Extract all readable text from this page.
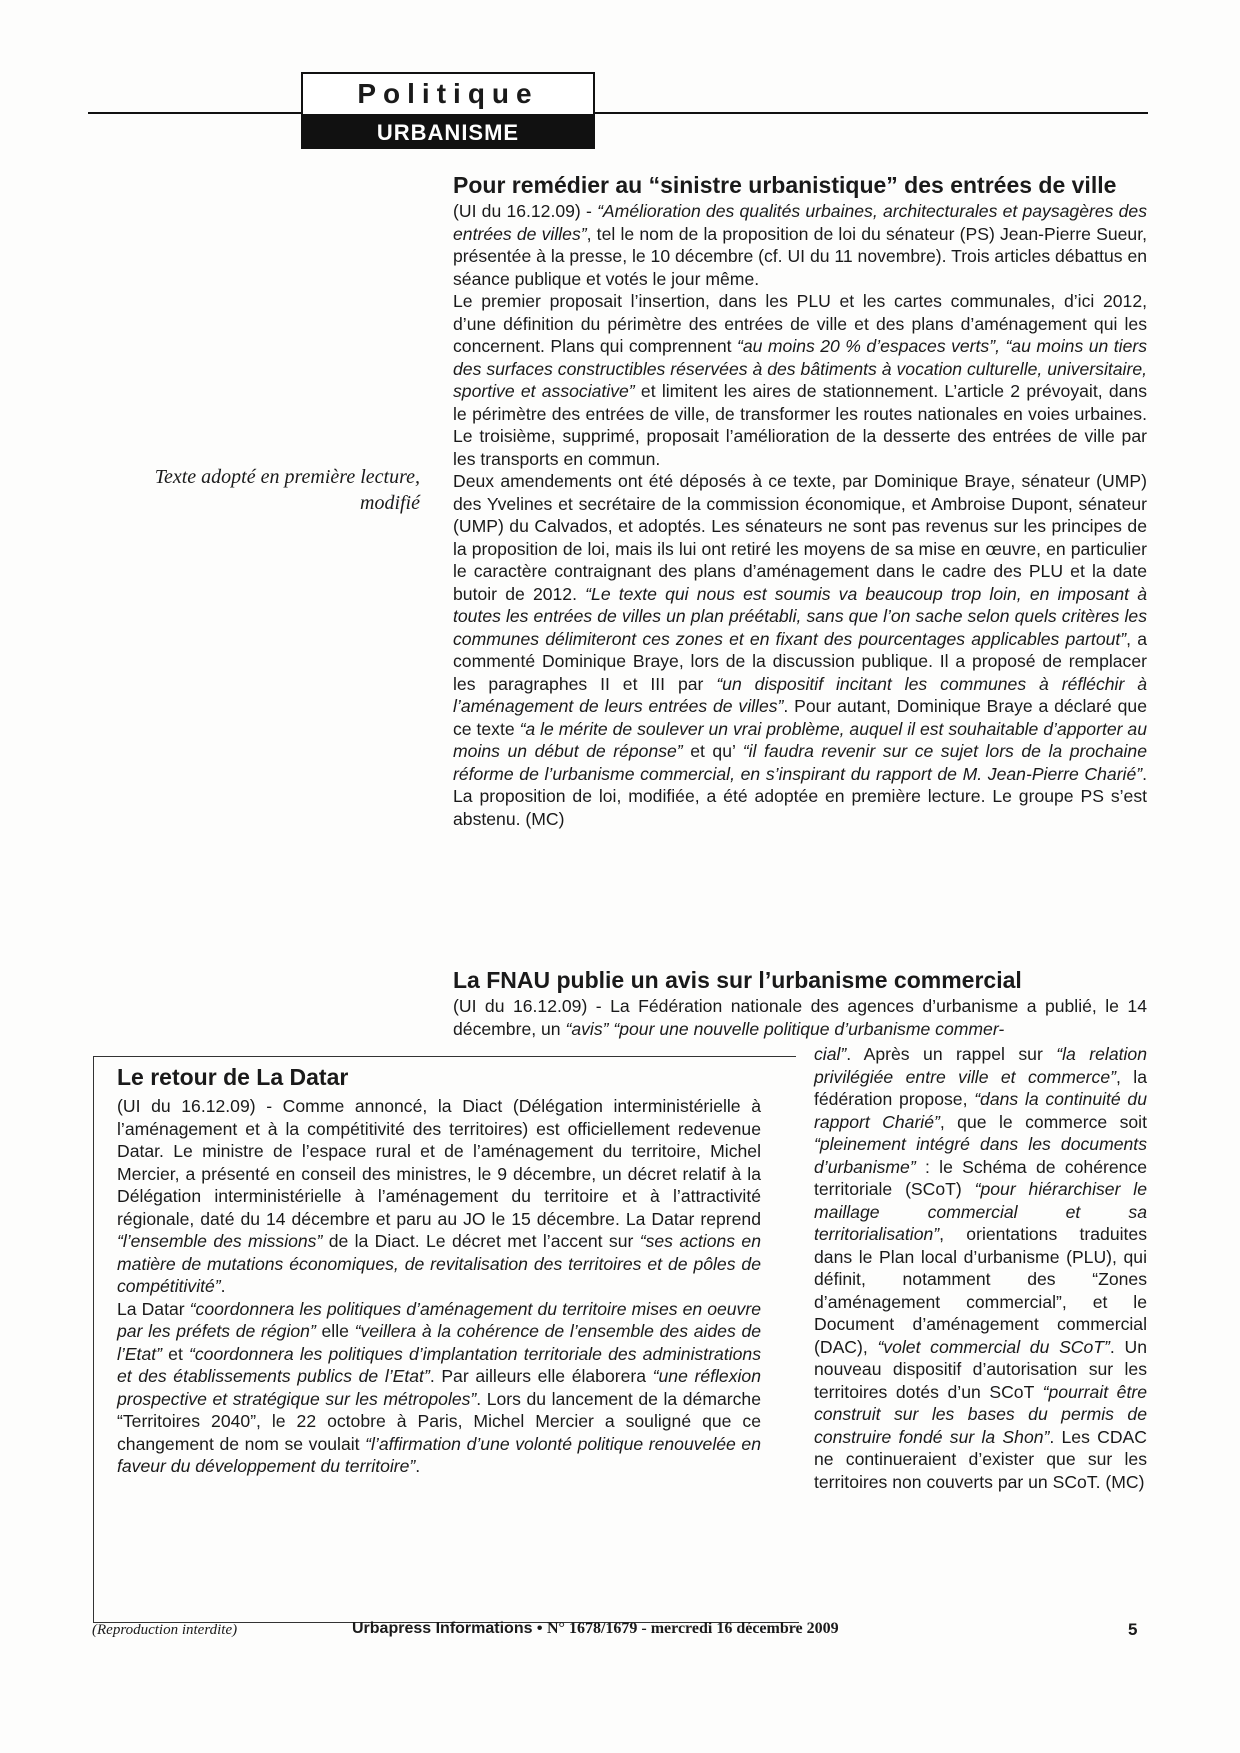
Politique
URBANISME
Pour remédier au “sinistre urbanistique” des entrées de ville

(UI du 16.12.09) - “Amélioration des qualités urbaines, architecturales et paysagères des entrées de villes”, tel le nom de la proposition de loi du sénateur (PS) Jean-Pierre Sueur, présentée à la presse, le 10 décembre (cf. UI du 11 novembre). Trois articles débattus en séance publique et votés le jour même.

Le premier proposait l’insertion, dans les PLU et les cartes communales, d’ici 2012, d’une définition du périmètre des entrées de ville et des plans d’aménagement qui les concernent. Plans qui comprennent “au moins 20 % d’espaces verts”, “au moins un tiers des surfaces constructibles réservées à des bâtiments à vocation culturelle, universitaire, sportive et associative” et limitent les aires de stationnement. L’article 2 prévoyait, dans le périmètre des entrées de ville, de transformer les routes nationales en voies urbaines. Le troisième, supprimé, proposait l’amélioration de la desserte des entrées de ville par les transports en commun.

Deux amendements ont été déposés à ce texte, par Dominique Braye, sénateur (UMP) des Yvelines et secrétaire de la commission économique, et Ambroise Dupont, sénateur (UMP) du Calvados, et adoptés. Les sénateurs ne sont pas revenus sur les principes de la proposition de loi, mais ils lui ont retiré les moyens de sa mise en œuvre, en particulier le caractère contraignant des plans d’aménagement dans le cadre des PLU et la date butoir de 2012. “Le texte qui nous est soumis va beaucoup trop loin, en imposant à toutes les entrées de villes un plan préétabli, sans que l’on sache selon quels critères les communes délimiteront ces zones et en fixant des pourcentages applicables partout”, a commenté Dominique Braye, lors de la discussion publique. Il a proposé de remplacer les paragraphes II et III par “un dispositif incitant les communes à réfléchir à l’aménagement de leurs entrées de villes”. Pour autant, Dominique Braye a déclaré que ce texte “a le mérite de soulever un vrai problème, auquel il est souhaitable d’apporter au moins un début de réponse” et qu’ “il faudra revenir sur ce sujet lors de la prochaine réforme de l’urbanisme commercial, en s’inspirant du rapport de M. Jean-Pierre Charié”. La proposition de loi, modifiée, a été adoptée en première lecture. Le groupe PS s’est abstenu. (MC)

Texte adopté en première lecture,
modifié
La FNAU publie un avis sur l’urbanisme commercial

(UI du 16.12.09) - La Fédération nationale des agences d’urbanisme a publié, le 14 décembre, un “avis” “pour une nouvelle politique d’urbanisme commer-

cial”. Après un rappel sur “la relation privilégiée entre ville et commerce”, la fédération propose, “dans la continuité du rapport Charié”, que le commerce soit “pleinement intégré dans les documents d’urbanisme” : le Schéma de cohérence territoriale (SCoT) “pour hiérarchiser le maillage commercial et sa territorialisation”, orientations traduites dans le Plan local d’urbanisme (PLU), qui définit, notamment des “Zones d’aménagement commercial”, et le Document d’aménagement commercial (DAC), “volet commercial du SCoT”. Un nouveau dispositif d’autorisation sur les territoires dotés d’un SCoT “pourrait être construit sur les bases du permis de construire fondé sur la Shon”. Les CDAC ne continueraient d’exister que sur les territoires non couverts par un SCoT. (MC)

Le retour de La Datar

(UI du 16.12.09) - Comme annoncé, la Diact (Délégation interministérielle à l’aménagement et à la compétitivité des territoires) est officiellement redevenue Datar. Le ministre de l’espace rural et de l’aménagement du territoire, Michel Mercier, a présenté en conseil des ministres, le 9 décembre, un décret relatif à la Délégation interministérielle à l’aménagement du territoire et à l’attractivité régionale, daté du 14 décembre et paru au JO le 15 décembre. La Datar reprend “l’ensemble des missions” de la Diact. Le décret met l’accent sur “ses actions en matière de mutations économiques, de revitalisation des territoires et de pôles de compétitivité”.

La Datar “coordonnera les politiques d’aménagement du territoire mises en oeuvre par les préfets de région” elle “veillera à la cohérence de l’ensemble des aides de l’Etat” et “coordonnera les politiques d’implantation territoriale des administrations et des établissements publics de l’Etat”. Par ailleurs elle élaborera “une réflexion prospective et stratégique sur les métropoles”. Lors du lancement de la démarche “Territoires 2040”, le 22 octobre à Paris, Michel Mercier a souligné que ce changement de nom se voulait “l’affirmation d’une volonté politique renouvelée en faveur du développement du territoire”.

(Reproduction interdite)	Urbapress Informations • N° 1678/1679 - mercredi 16 décembre 2009	5
